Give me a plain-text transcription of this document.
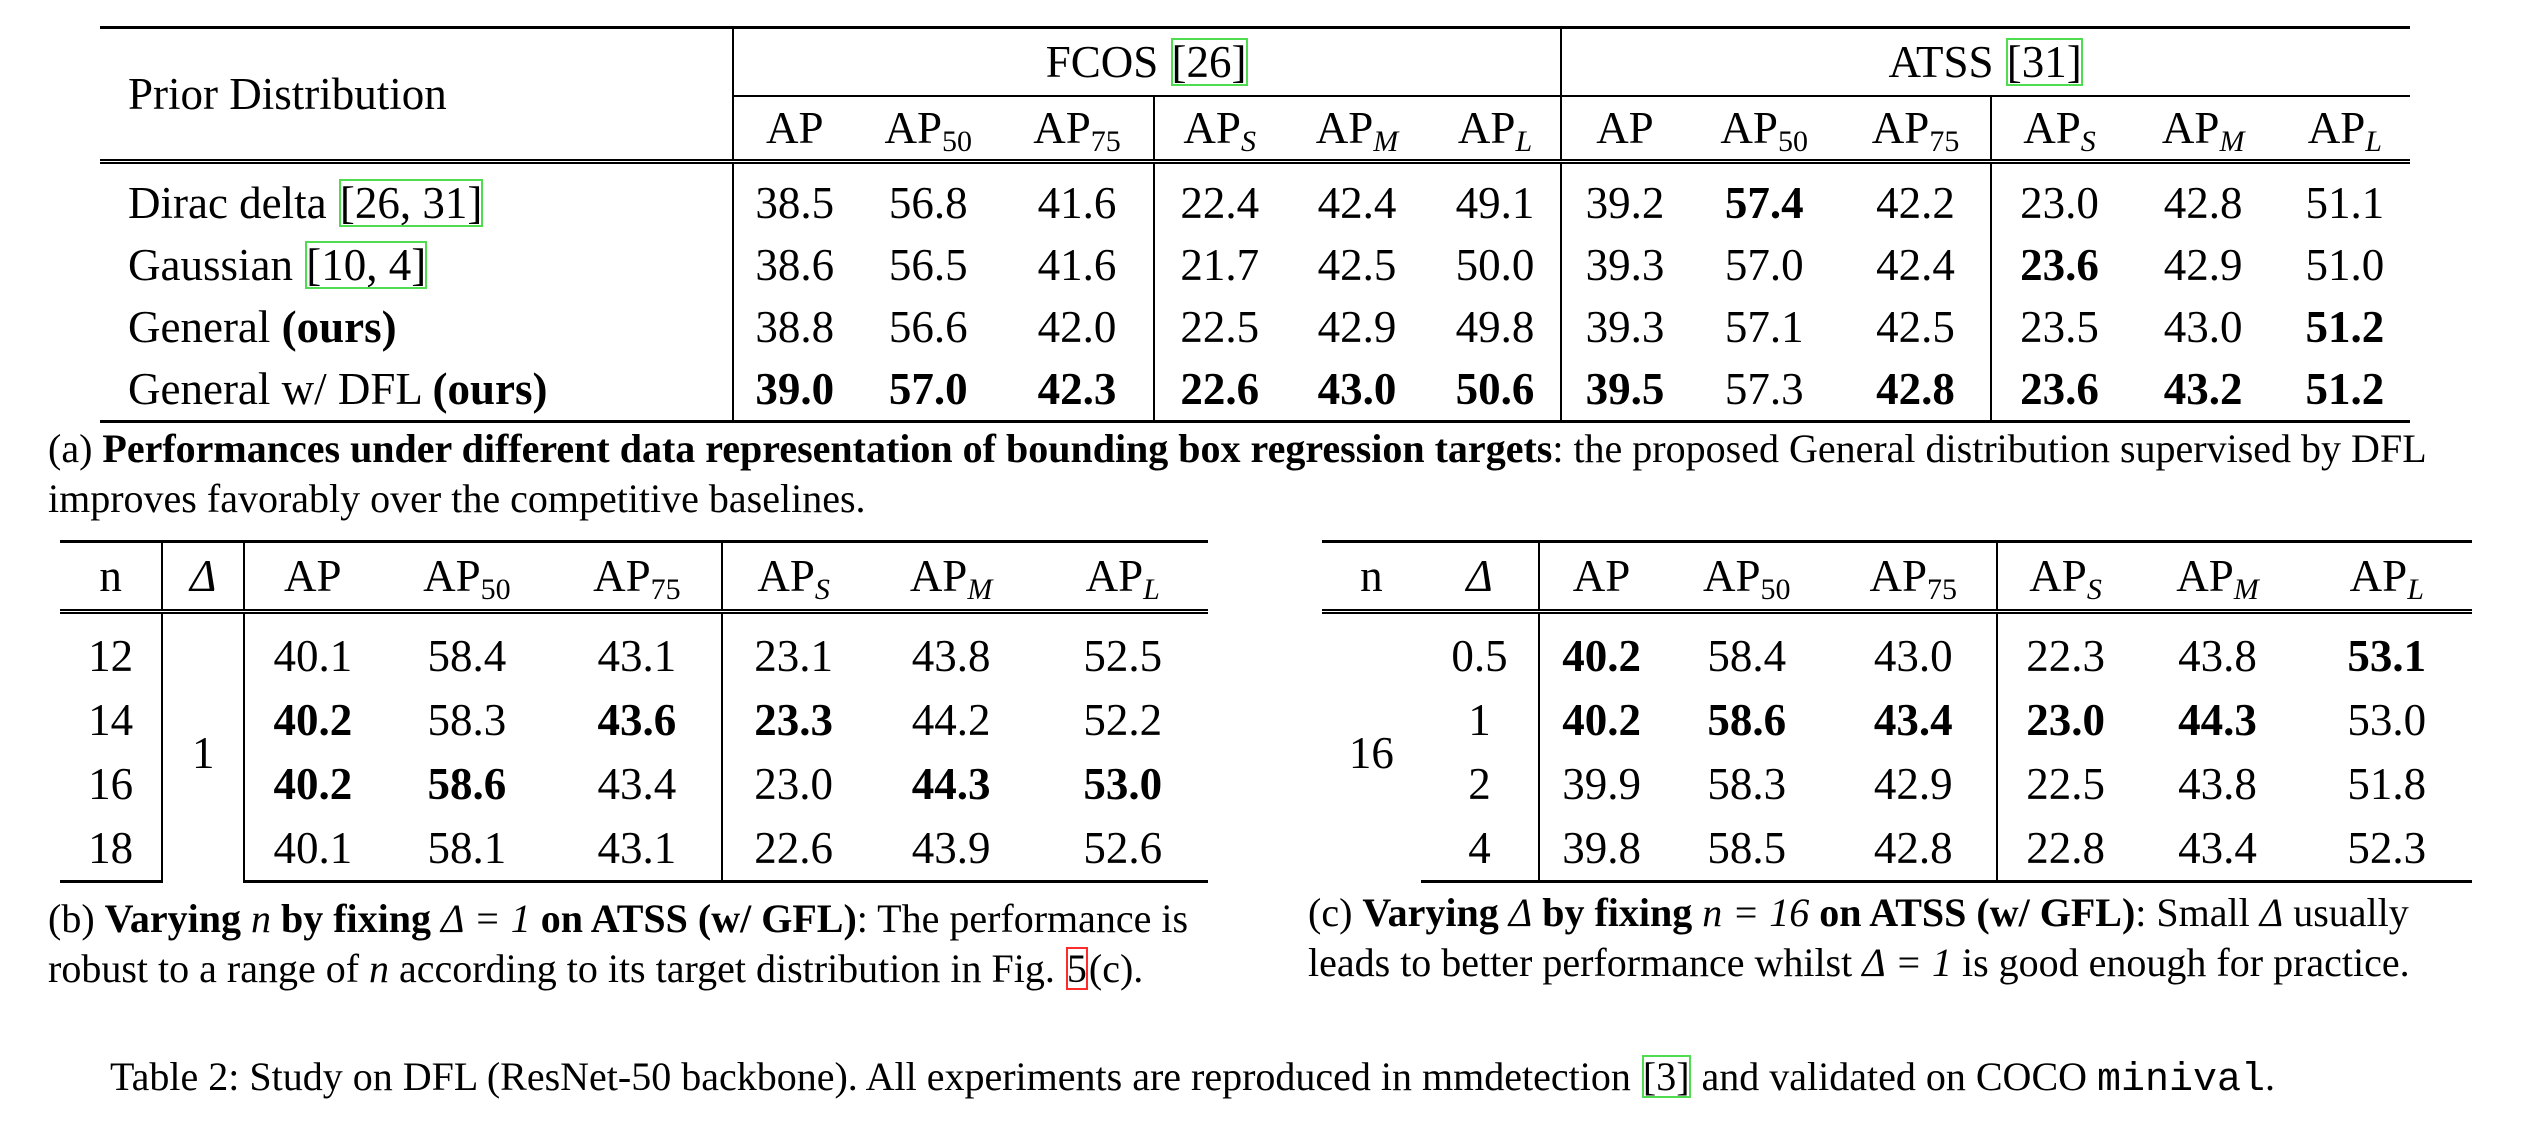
Prior Distribution	FCOS [26]						ATSS [31]					
	AP	$AP_{50}$	$AP_{75}$	$AP_S$	$AP_M$	$AP_L$	AP	$AP_{50}$	$AP_{75}$	$AP_S$	$AP_M$	$AP_L$
Dirac delta [26, 31]	38.5	56.8	41.6	22.4	42.4	49.1	39.2	57.4	42.2	23.0	42.8	51.1
Gaussian [10, 4]	38.6	56.5	41.6	21.7	42.5	50.0	39.3	57.0	42.4	23.6	42.9	51.0
General (ours)	38.8	56.6	42.0	22.5	42.9	49.8	39.3	57.1	42.5	23.5	43.0	51.2
General w/ DFL (ours)	39.0	57.0	42.3	22.6	43.0	50.6	39.5	57.3	42.8	23.6	43.2	51.2
(a) Performances under different data representation of bounding box regression targets: the proposed General distribution supervised by DFL improves favorably over the competitive baselines.
n	Δ	AP	$AP_{50}$	$AP_{75}$	$AP_S$	$AP_M$	$AP_L$
12	1	40.1	58.4	43.1	23.1	43.8	52.5
14		40.2	58.3	43.6	23.3	44.2	52.2
16		40.2	58.6	43.4	23.0	44.3	53.0
18		40.1	58.1	43.1	22.6	43.9	52.6
(b) Varying n by fixing Δ = 1 on ATSS (w/ GFL): The performance is robust to a range of n according to its target distribution in Fig. 5(c).
n	Δ	AP	$AP_{50}$	$AP_{75}$	$AP_S$	$AP_M$	$AP_L$
16	0.5	40.2	58.4	43.0	22.3	43.8	53.1
	1	40.2	58.6	43.4	23.0	44.3	53.0
	2	39.9	58.3	42.9	22.5	43.8	51.8
	4	39.8	58.5	42.8	22.8	43.4	52.3
(c) Varying Δ by fixing n = 16 on ATSS (w/ GFL): Small Δ usually leads to better performance whilst Δ = 1 is good enough for practice.
Table 2: Study on DFL (ResNet-50 backbone). All experiments are reproduced in mmdetection [3] and validated on COCO minival.
